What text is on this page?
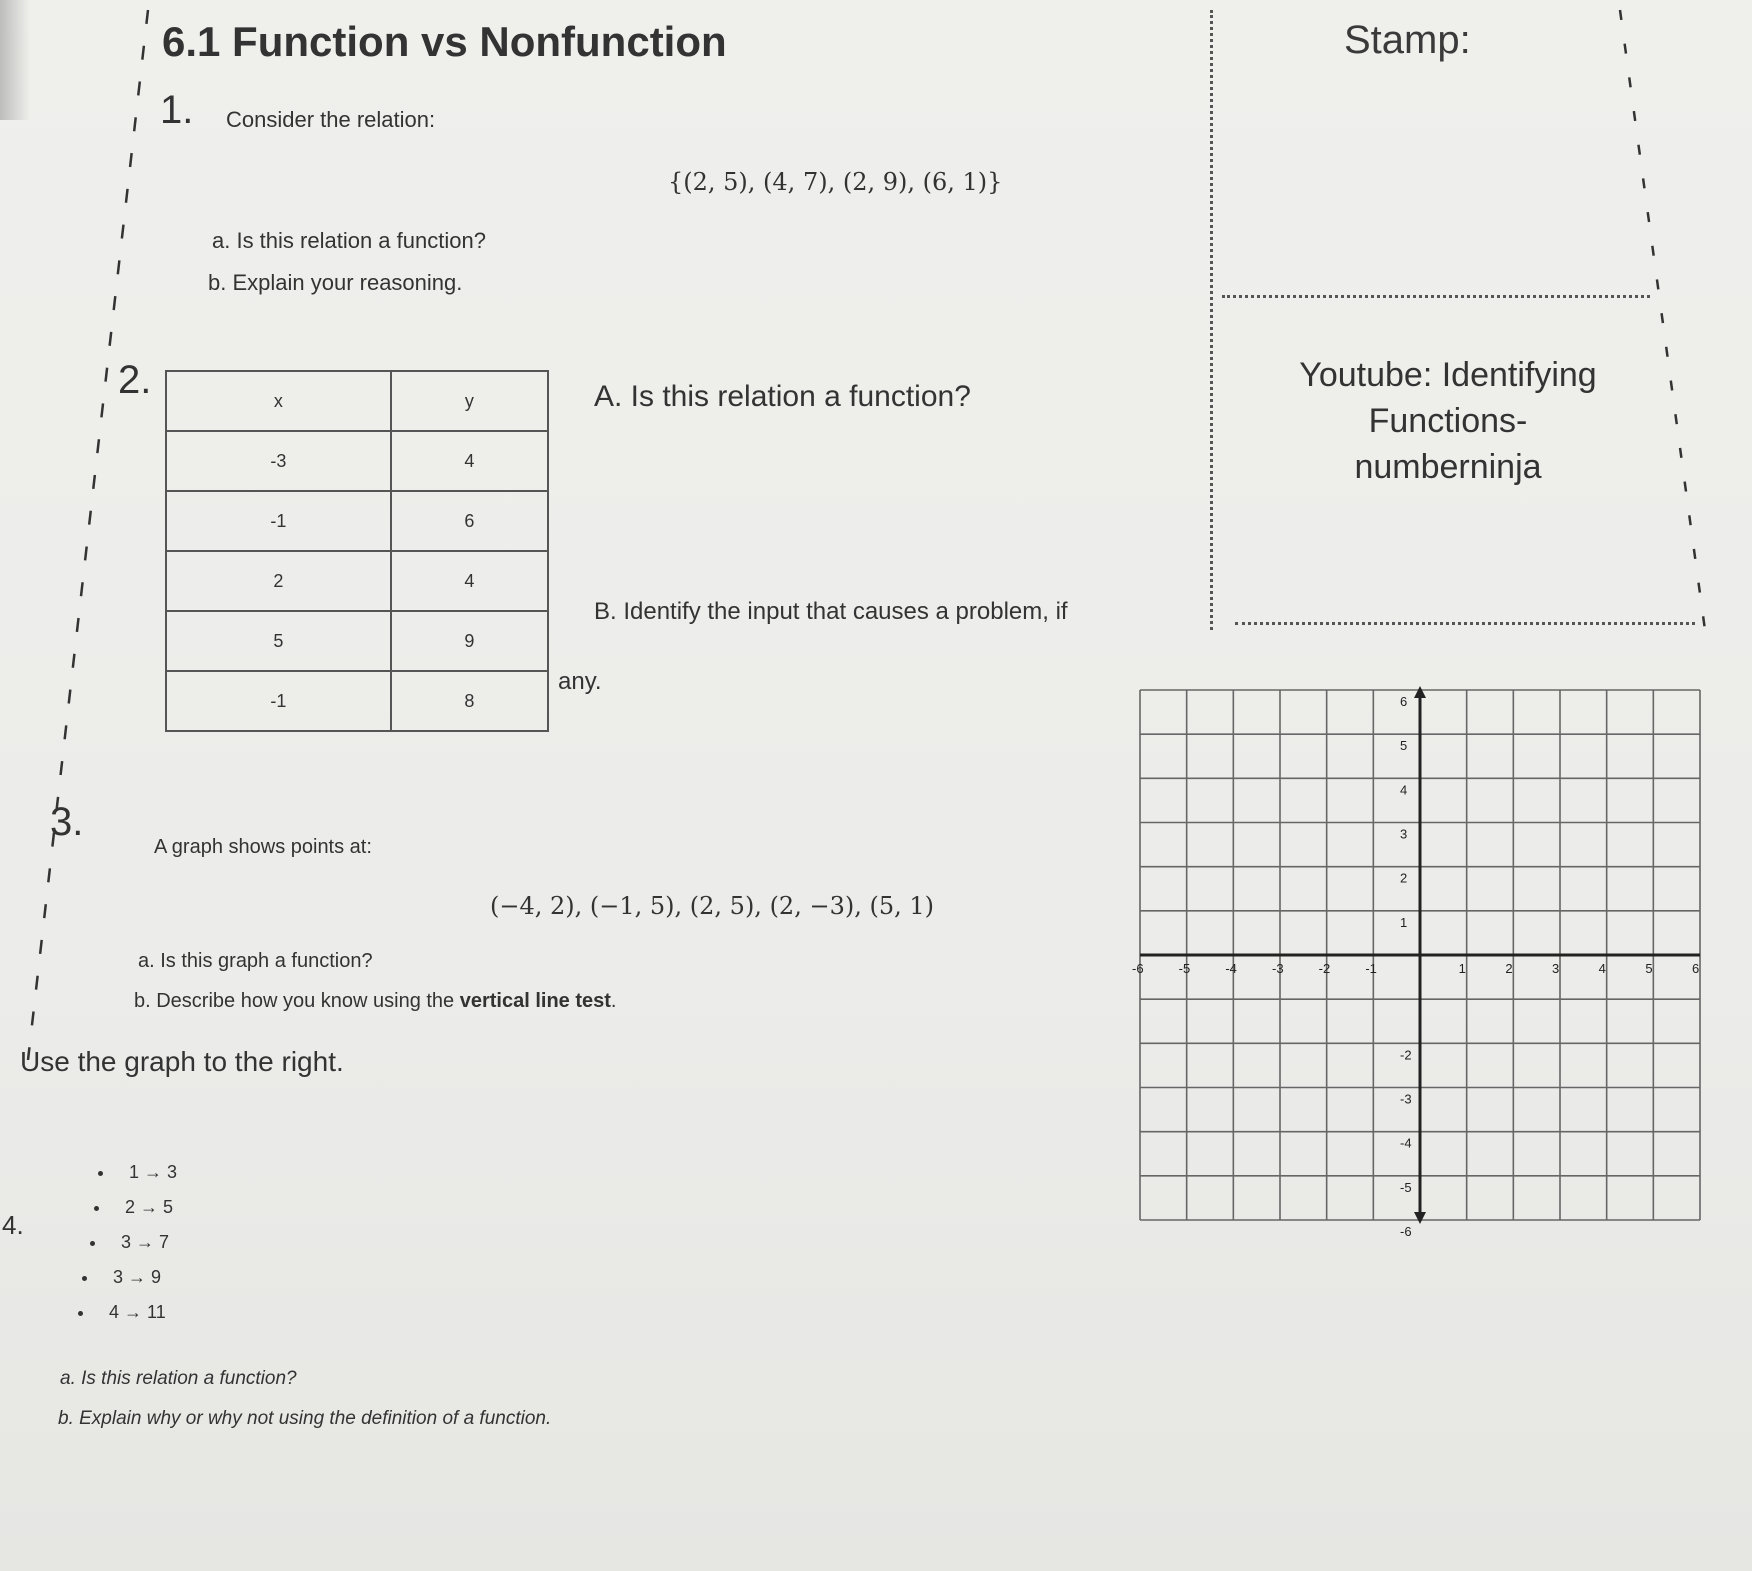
6.1 Function vs Nonfunction	Stamp:
Youtube: Identifying
Functions-
numberninja
1. Consider the relation:
{(2, 5), (4, 7), (2, 9), (6, 1)}
a. Is this relation a function?
b. Explain your reasoning.
2.	x	y
-3	4
-1	6
2	4
5	9
-1	8
A. Is this relation a function?
B. Identify the input that causes a problem, if
any.
3.
A graph shows points at:
(−4, 2), (−1, 5), (2, 5), (2, −3), (5, 1)
a. Is this graph a function?
b. Describe how you know using the vertical line test.
Use the graph to the right.
4.
1 → 3
2 → 5
3 → 7
3 → 9
4 → 11
a. Is this relation a function?
b. Explain why or why not using the definition of a function.
-6	-5	-4	-3	-2	-1	1	2	3	4	5	6
6
5
4
3
2
1
-2
-3
-4
-5
-6
